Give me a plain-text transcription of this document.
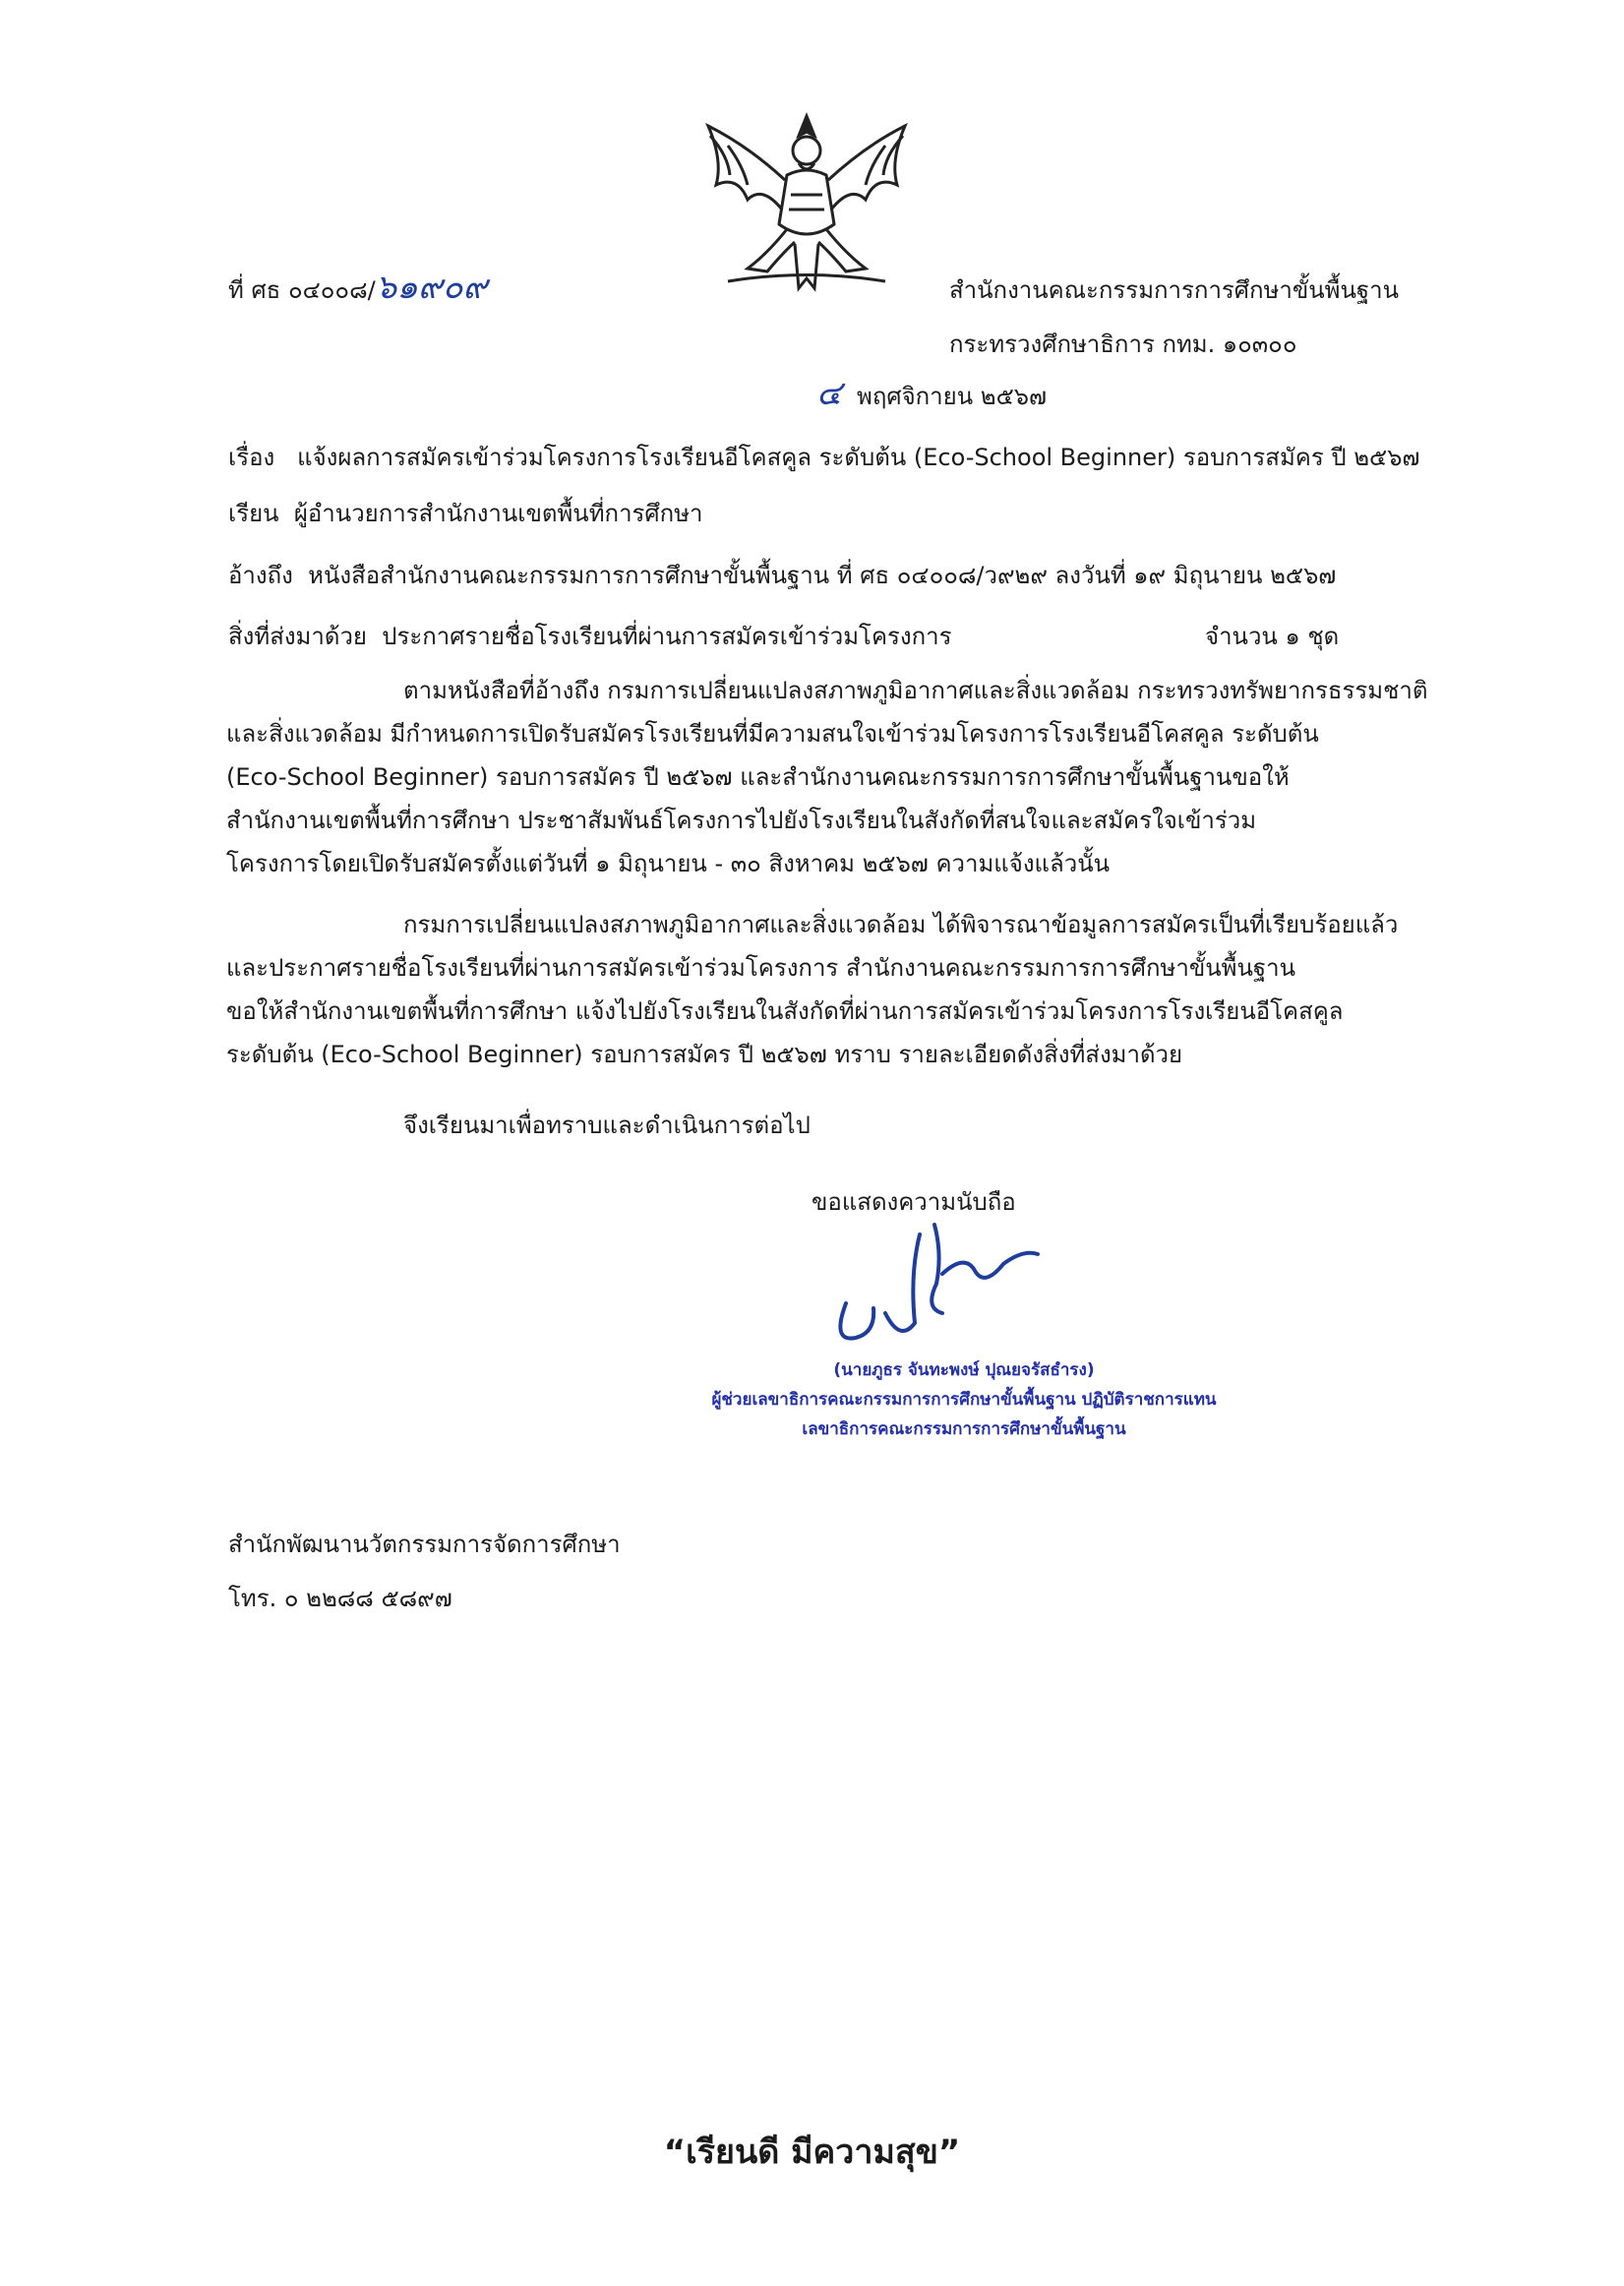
ที่ ศธ ๐๔๐๐๘/๖๑๙๐๙	สำนักงานคณะกรรมการการศึกษาขั้นพื้นฐาน
กระทรวงศึกษาธิการ กทม. ๑๐๓๐๐
๔ พฤศจิกายน ๒๕๖๗
เรื่อง แจ้งผลการสมัครเข้าร่วมโครงการโรงเรียนอีโคสคูล ระดับต้น (Eco-School Beginner) รอบการสมัคร ปี ๒๕๖๗
เรียน ผู้อำนวยการสำนักงานเขตพื้นที่การศึกษา
อ้างถึง หนังสือสำนักงานคณะกรรมการการศึกษาขั้นพื้นฐาน ที่ ศธ ๐๔๐๐๘/ว๙๒๙ ลงวันที่ ๑๙ มิถุนายน ๒๕๖๗
สิ่งที่ส่งมาด้วย ประกาศรายชื่อโรงเรียนที่ผ่านการสมัครเข้าร่วมโครงการ	จำนวน ๑ ชุด
ตามหนังสือที่อ้างถึง กรมการเปลี่ยนแปลงสภาพภูมิอากาศและสิ่งแวดล้อม กระทรวงทรัพยากรธรรมชาติ
และสิ่งแวดล้อม มีกำหนดการเปิดรับสมัครโรงเรียนที่มีความสนใจเข้าร่วมโครงการโรงเรียนอีโคสคูล ระดับต้น
(Eco-School Beginner) รอบการสมัคร ปี ๒๕๖๗ และสำนักงานคณะกรรมการการศึกษาขั้นพื้นฐานขอให้
สำนักงานเขตพื้นที่การศึกษา ประชาสัมพันธ์โครงการไปยังโรงเรียนในสังกัดที่สนใจและสมัครใจเข้าร่วม
โครงการโดยเปิดรับสมัครตั้งแต่วันที่ ๑ มิถุนายน - ๓๐ สิงหาคม ๒๕๖๗ ความแจ้งแล้วนั้น
กรมการเปลี่ยนแปลงสภาพภูมิอากาศและสิ่งแวดล้อม ได้พิจารณาข้อมูลการสมัครเป็นที่เรียบร้อยแล้ว
และประกาศรายชื่อโรงเรียนที่ผ่านการสมัครเข้าร่วมโครงการ สำนักงานคณะกรรมการการศึกษาขั้นพื้นฐาน
ขอให้สำนักงานเขตพื้นที่การศึกษา แจ้งไปยังโรงเรียนในสังกัดที่ผ่านการสมัครเข้าร่วมโครงการโรงเรียนอีโคสคูล
ระดับต้น (Eco-School Beginner) รอบการสมัคร ปี ๒๕๖๗ ทราบ รายละเอียดดังสิ่งที่ส่งมาด้วย
จึงเรียนมาเพื่อทราบและดำเนินการต่อไป
ขอแสดงความนับถือ
(นายภูธร จันทะพงษ์ ปุณยจรัสธำรง)
ผู้ช่วยเลขาธิการคณะกรรมการการศึกษาขั้นพื้นฐาน ปฏิบัติราชการแทน
เลขาธิการคณะกรรมการการศึกษาขั้นพื้นฐาน
สำนักพัฒนานวัตกรรมการจัดการศึกษา
โทร. ๐ ๒๒๘๘ ๕๘๙๗
“เรียนดี มีความสุข”
